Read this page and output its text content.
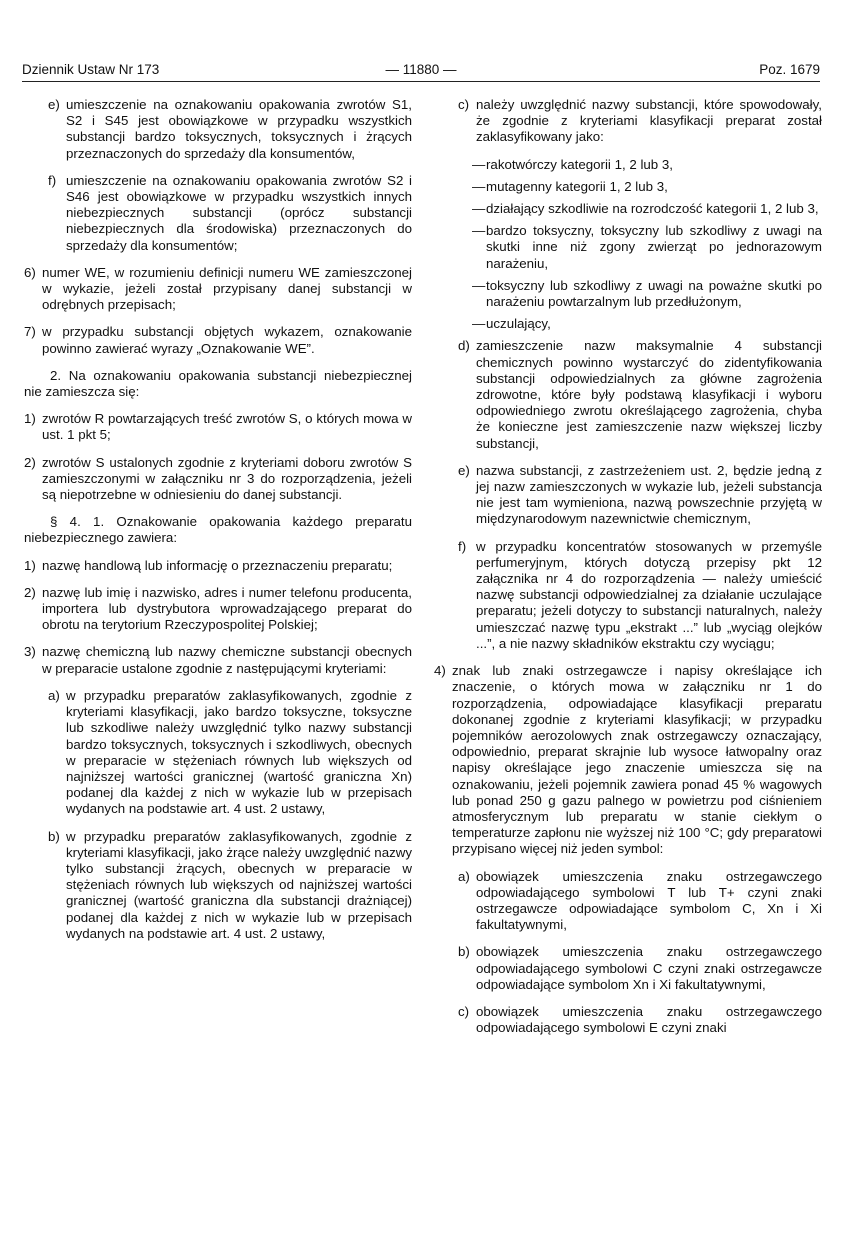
Dziennik Ustaw Nr 173	— 11880 —	Poz. 1679
e) umieszczenie na oznakowaniu opakowania zwrotów S1, S2 i S45 jest obowiązkowe w przypadku wszystkich substancji bardzo toksycznych, toksycznych i żrących przeznaczonych do sprzedaży dla konsumentów,
f) umieszczenie na oznakowaniu opakowania zwrotów S2 i S46 jest obowiązkowe w przypadku wszystkich innych niebezpiecznych substancji (oprócz substancji niebezpiecznych dla środowiska) przeznaczonych do sprzedaży dla konsumentów;
6) numer WE, w rozumieniu definicji numeru WE zamieszczonej w wykazie, jeżeli został przypisany danej substancji w odrębnych przepisach;
7) w przypadku substancji objętych wykazem, oznakowanie powinno zawierać wyrazy „Oznakowanie WE”.
2. Na oznakowaniu opakowania substancji niebezpiecznej nie zamieszcza się:
1) zwrotów R powtarzających treść zwrotów S, o których mowa w ust. 1 pkt 5;
2) zwrotów S ustalonych zgodnie z kryteriami doboru zwrotów S zamieszczonymi w załączniku nr 3 do rozporządzenia, jeżeli są niepotrzebne w odniesieniu do danej substancji.
§ 4. 1. Oznakowanie opakowania każdego preparatu niebezpiecznego zawiera:
1) nazwę handlową lub informację o przeznaczeniu preparatu;
2) nazwę lub imię i nazwisko, adres i numer telefonu producenta, importera lub dystrybutora wprowadzającego preparat do obrotu na terytorium Rzeczypospolitej Polskiej;
3) nazwę chemiczną lub nazwy chemiczne substancji obecnych w preparacie ustalone zgodnie z następującymi kryteriami:
a) w przypadku preparatów zaklasyfikowanych, zgodnie z kryteriami klasyfikacji, jako bardzo toksyczne, toksyczne lub szkodliwe należy uwzględnić tylko nazwy substancji bardzo toksycznych, toksycznych i szkodliwych, obecnych w preparacie w stężeniach równych lub większych od najniższej wartości granicznej (wartość graniczna Xn) podanej dla każdej z nich w wykazie lub w przepisach wydanych na podstawie art. 4 ust. 2 ustawy,
b) w przypadku preparatów zaklasyfikowanych, zgodnie z kryteriami klasyfikacji, jako żrące należy uwzględnić nazwy tylko substancji żrących, obecnych w preparacie w stężeniach równych lub większych od najniższej wartości granicznej (wartość graniczna dla substancji drażniącej) podanej dla każdej z nich w wykazie lub w przepisach wydanych na podstawie art. 4 ust. 2 ustawy,
c) należy uwzględnić nazwy substancji, które spowodowały, że zgodnie z kryteriami klasyfikacji preparat został zaklasyfikowany jako:
— rakotwórczy kategorii 1, 2 lub 3,
— mutagenny kategorii 1, 2 lub 3,
— działający szkodliwie na rozrodczość kategorii 1, 2 lub 3,
— bardzo toksyczny, toksyczny lub szkodliwy z uwagi na skutki inne niż zgony zwierząt po jednorazowym narażeniu,
— toksyczny lub szkodliwy z uwagi na poważne skutki po narażeniu powtarzalnym lub przedłużonym,
— uczulający,
d) zamieszczenie nazw maksymalnie 4 substancji chemicznych powinno wystarczyć do zidentyfikowania substancji odpowiedzialnych za główne zagrożenia zdrowotne, które były podstawą klasyfikacji i wyboru odpowiedniego zwrotu określającego zagrożenia, chyba że konieczne jest zamieszczenie nazw większej liczby substancji,
e) nazwa substancji, z zastrzeżeniem ust. 2, będzie jedną z jej nazw zamieszczonych w wykazie lub, jeżeli substancja nie jest tam wymieniona, nazwą powszechnie przyjętą w międzynarodowym nazewnictwie chemicznym,
f) w przypadku koncentratów stosowanych w przemyśle perfumeryjnym, których dotyczą przepisy pkt 12 załącznika nr 4 do rozporządzenia — należy umieścić nazwę substancji odpowiedzialnej za działanie uczulające preparatu; jeżeli dotyczy to substancji naturalnych, należy umieszczać nazwę typu „ekstrakt ...” lub „wyciąg olejków ...”, a nie nazwy składników ekstraktu czy wyciągu;
4) znak lub znaki ostrzegawcze i napisy określające ich znaczenie, o których mowa w załączniku nr 1 do rozporządzenia, odpowiadające klasyfikacji preparatu dokonanej zgodnie z kryteriami klasyfikacji; w przypadku pojemników aerozolowych znak ostrzegawczy oznaczający, odpowiednio, preparat skrajnie lub wysoce łatwopalny oraz napisy określające jego znaczenie umieszcza się na oznakowaniu, jeżeli pojemnik zawiera ponad 45 % wagowych lub ponad 250 g gazu palnego w powietrzu pod ciśnieniem atmosferycznym lub preparatu w stanie ciekłym o temperaturze zapłonu nie wyższej niż 100 °C; gdy preparatowi przypisano więcej niż jeden symbol:
a) obowiązek umieszczenia znaku ostrzegawczego odpowiadającego symbolowi T lub T+ czyni znaki ostrzegawcze odpowiadające symbolom C, Xn i Xi fakultatywnymi,
b) obowiązek umieszczenia znaku ostrzegawczego odpowiadającego symbolowi C czyni znaki ostrzegawcze odpowiadające symbolom Xn i Xi fakultatywnymi,
c) obowiązek umieszczenia znaku ostrzegawczego odpowiadającego symbolowi E czyni znaki
